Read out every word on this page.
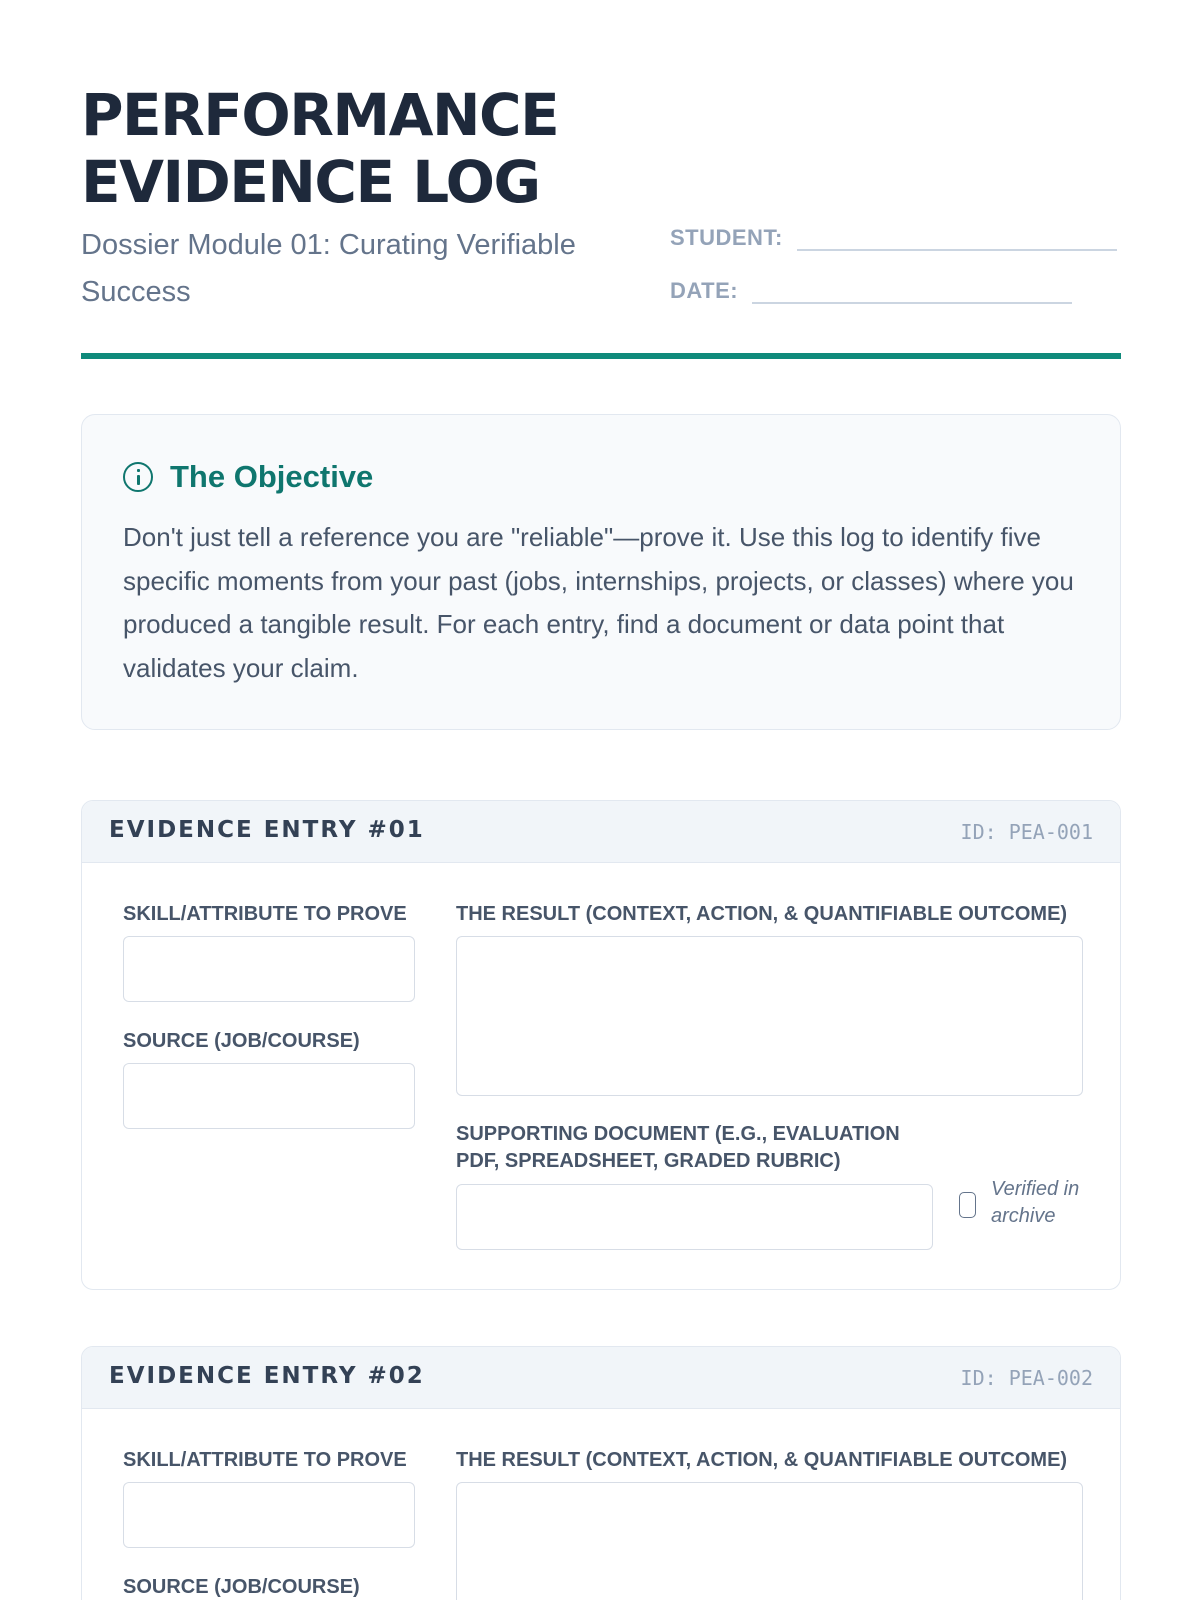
PERFORMANCE
EVIDENCE LOG
Dossier Module 01: Curating Verifiable Success
STUDENT:
DATE:
The Objective
Don't just tell a reference you are "reliable"—prove it. Use this log to identify five specific moments from your past (jobs, internships, projects, or classes) where you produced a tangible result. For each entry, find a document or data point that validates your claim.
EVIDENCE ENTRY #01	ID: PEA-001
SKILL/ATTRIBUTE TO PROVE
SOURCE (JOB/COURSE)
THE RESULT (CONTEXT, ACTION, & QUANTIFIABLE OUTCOME)
SUPPORTING DOCUMENT (E.G., EVALUATION PDF, SPREADSHEET, GRADED RUBRIC)
Verified in archive
EVIDENCE ENTRY #02	ID: PEA-002
SKILL/ATTRIBUTE TO PROVE
SOURCE (JOB/COURSE)
THE RESULT (CONTEXT, ACTION, & QUANTIFIABLE OUTCOME)
